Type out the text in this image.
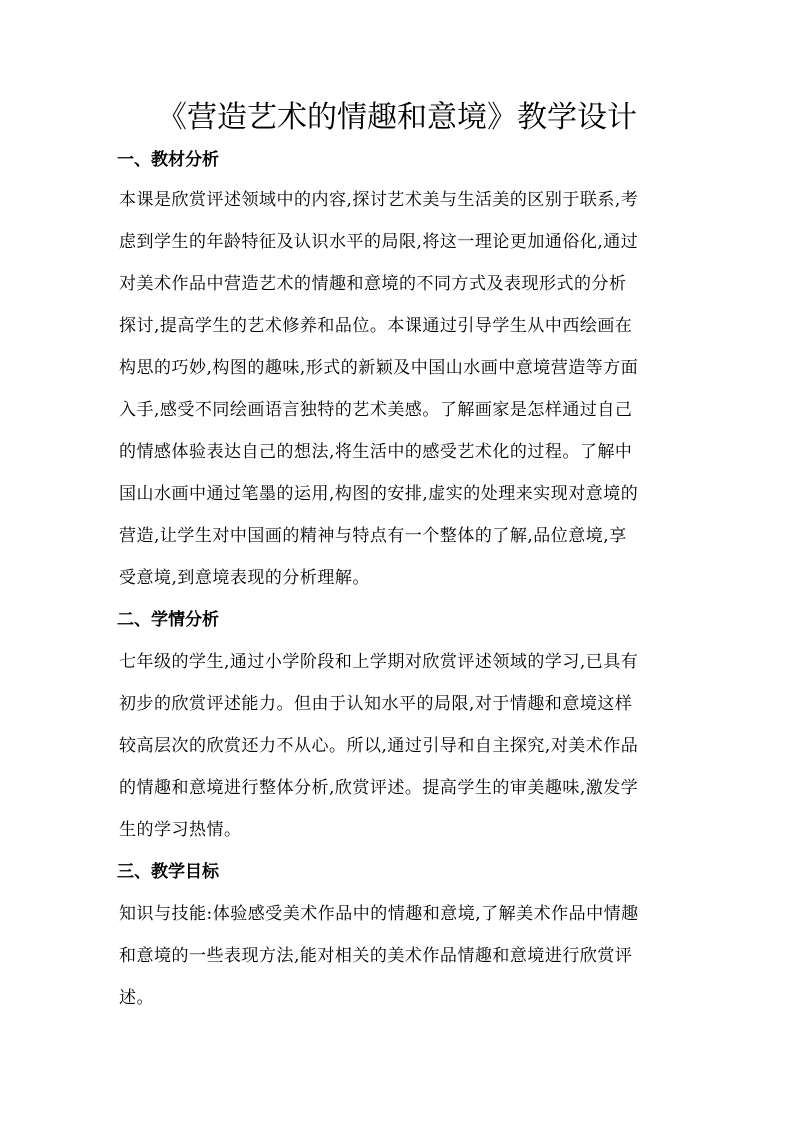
《营造艺术的情趣和意境》教学设计
一、教材分析
本课是欣赏评述领域中的内容,探讨艺术美与生活美的区别于联系,考
虑到学生的年龄特征及认识水平的局限,将这一理论更加通俗化,通过
对美术作品中营造艺术的情趣和意境的不同方式及表现形式的分析
探讨,提高学生的艺术修养和品位。本课通过引导学生从中西绘画在
构思的巧妙,构图的趣味,形式的新颖及中国山水画中意境营造等方面
入手,感受不同绘画语言独特的艺术美感。了解画家是怎样通过自己
的情感体验表达自己的想法,将生活中的感受艺术化的过程。了解中
国山水画中通过笔墨的运用,构图的安排,虚实的处理来实现对意境的
营造,让学生对中国画的精神与特点有一个整体的了解,品位意境,享
受意境,到意境表现的分析理解。
二、学情分析
七年级的学生,通过小学阶段和上学期对欣赏评述领域的学习,已具有
初步的欣赏评述能力。但由于认知水平的局限,对于情趣和意境这样
较高层次的欣赏还力不从心。所以,通过引导和自主探究,对美术作品
的情趣和意境进行整体分析,欣赏评述。提高学生的审美趣味,激发学
生的学习热情。
三、教学目标
知识与技能:体验感受美术作品中的情趣和意境,了解美术作品中情趣
和意境的一些表现方法,能对相关的美术作品情趣和意境进行欣赏评
述。
